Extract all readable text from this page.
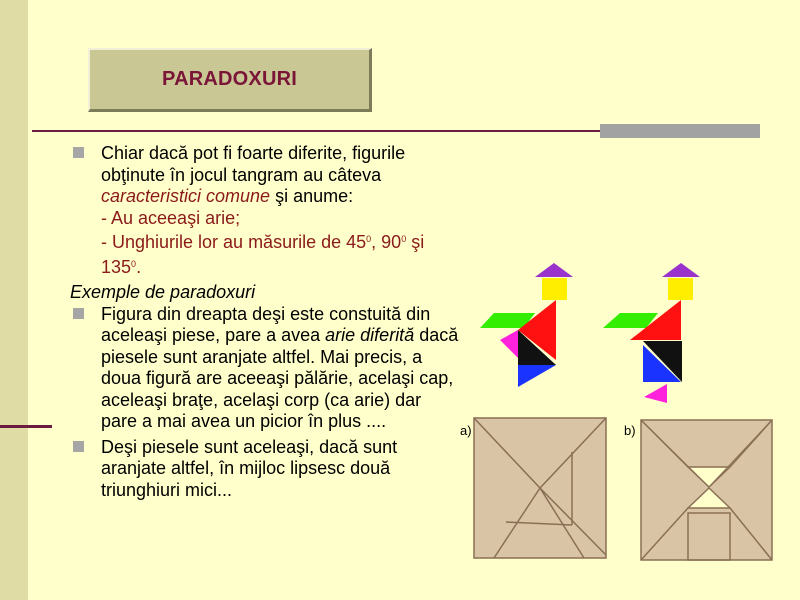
PARADOXURI
Chiar dacă pot fi foarte diferite, figurile obţinute în jocul tangram au câteva caracteristici comune şi anume:
- Au aceeaşi arie;
- Unghiurile lor au măsurile de $45^0$, $90^0$ şi $135^0$.
Exemple de paradoxuri
Figura din dreapta deşi este constuită din aceleaşi piese, pare a avea arie diferită dacă piesele sunt aranjate altfel. Mai precis, a doua figură are aceeaşi pălărie, acelaşi cap, aceleaşi braţe, acelaşi corp (ca arie) dar pare a mai avea un picior în plus ....
Deşi piesele sunt aceleaşi, dacă sunt aranjate altfel, în mijloc lipsesc două triunghiuri mici...
a)	b)
